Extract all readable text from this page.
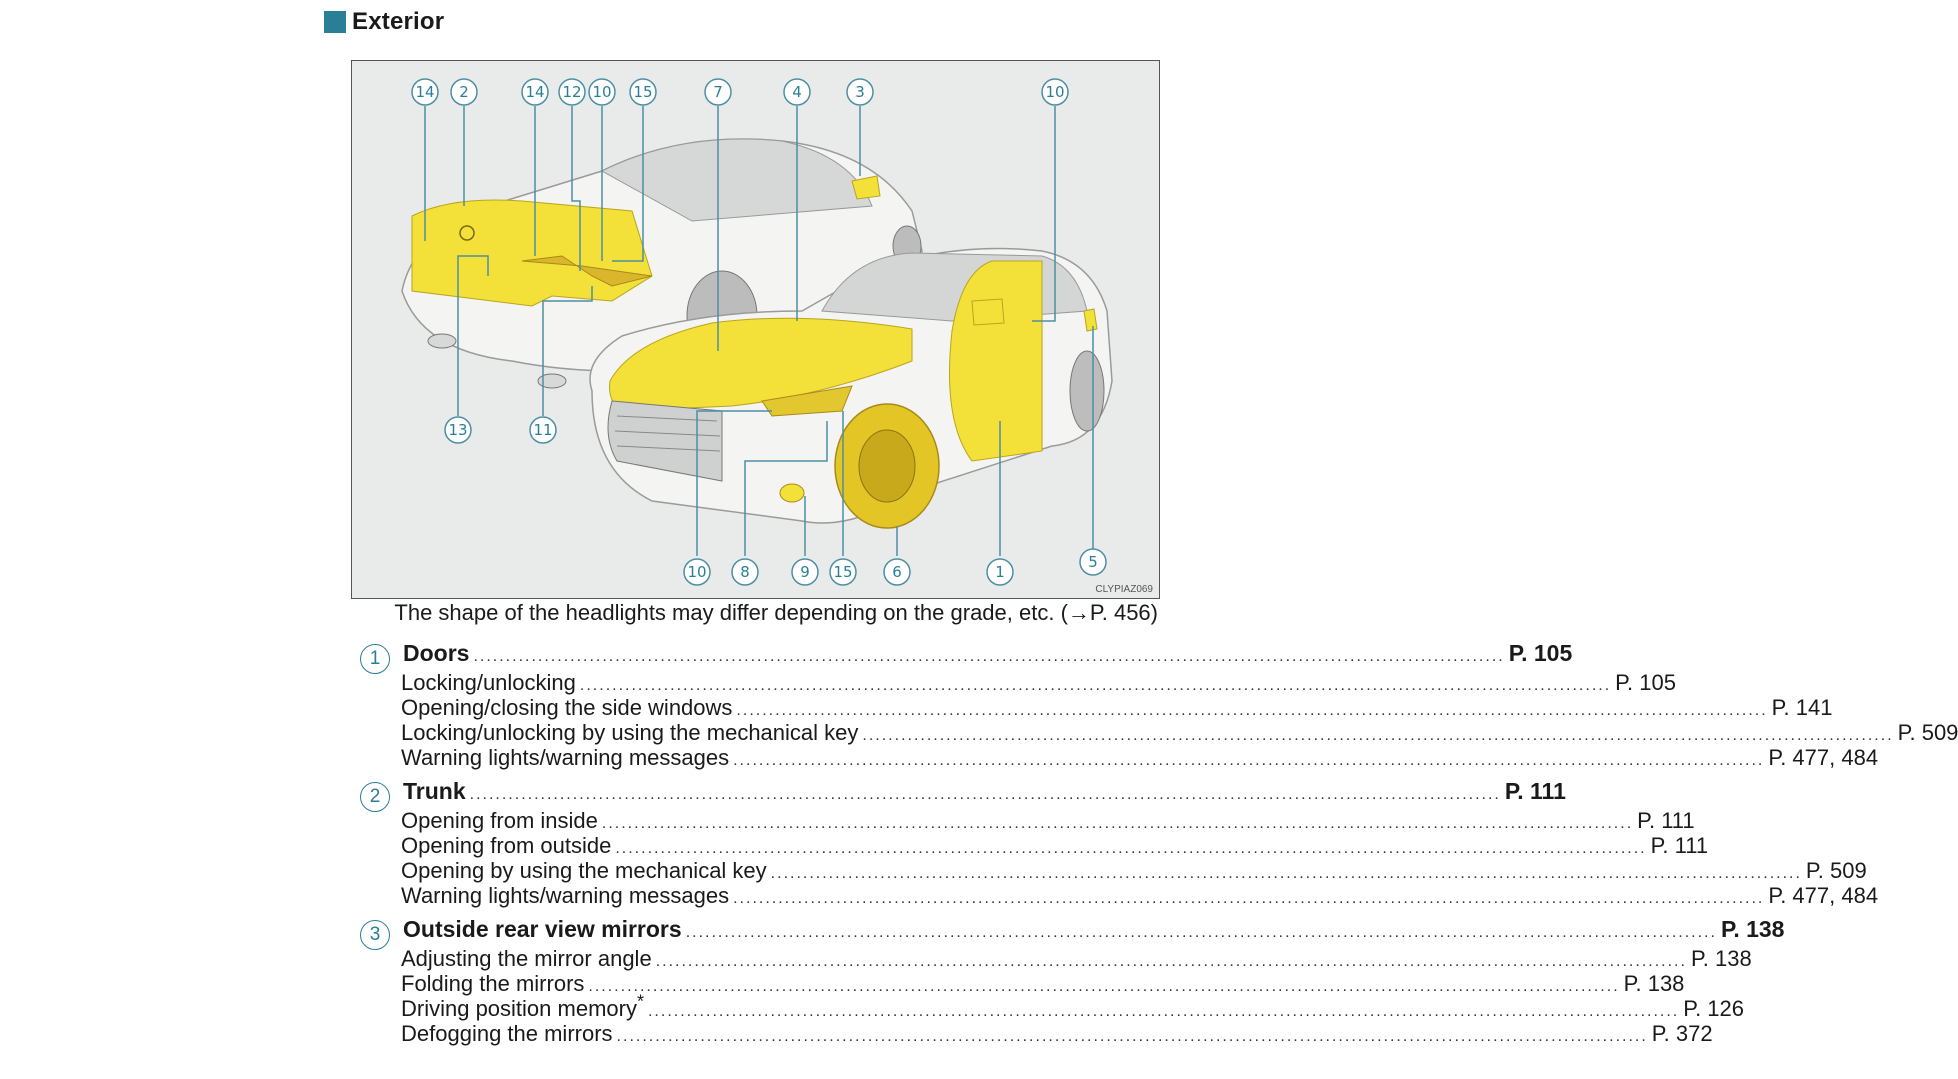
Exterior
14 2	14 12 10 15	7	4	3	10
13	11
10 8	9 15	6	1
5
CLYPIAZ069
The shape of the headlights may differ depending on the grade, etc. (→P. 456)
1 Doors .....	P. 105
Locking/unlocking .....	P. 105
Opening/closing the side windows .....	P. 141
Locking/unlocking by using the mechanical key .....	P. 509
Warning lights/warning messages .....	P. 477, 484
2 Trunk .....	P. 111
Opening from inside .....	P. 111
Opening from outside .....	P. 111
Opening by using the mechanical key .....	P. 509
Warning lights/warning messages .....	P. 477, 484
3 Outside rear view mirrors .....	P. 138
Adjusting the mirror angle .....	P. 138
Folding the mirrors .....	P. 138
Driving position memory* .....	P. 126
Defogging the mirrors .....	P. 372
